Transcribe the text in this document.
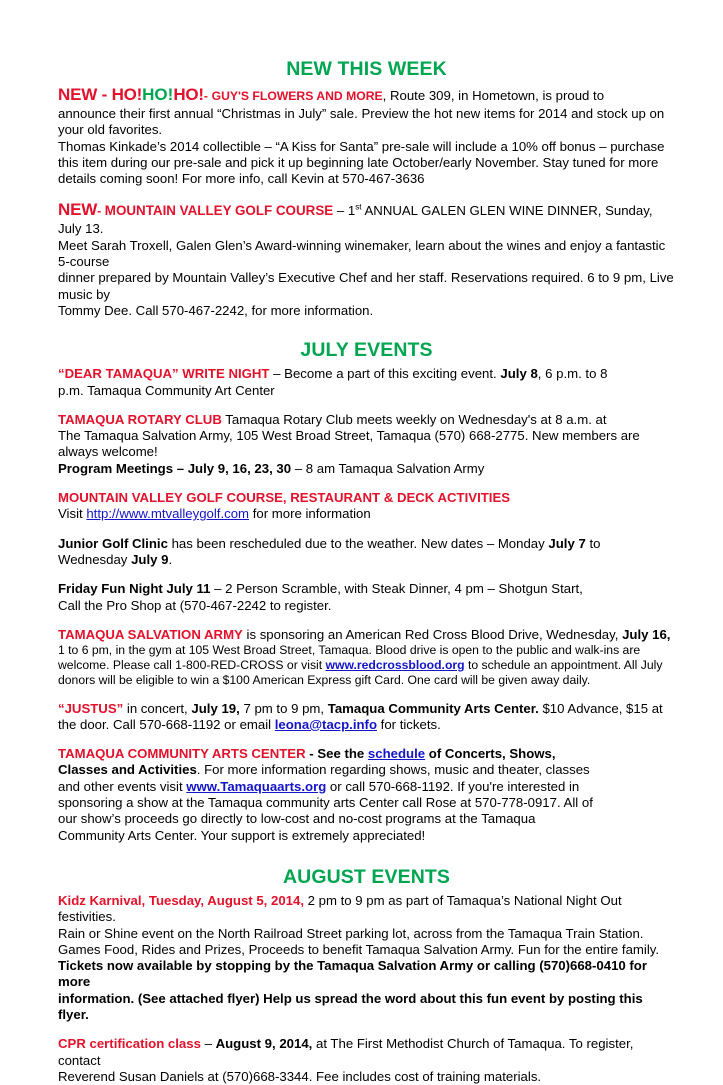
NEW THIS WEEK

NEW - HO!HO!HO!- GUY'S FLOWERS AND MORE, Route 309, in Hometown, is proud to
announce their first annual “Christmas in July” sale. Preview the hot new items for 2014 and stock up on
your old favorites.
Thomas Kinkade’s 2014 collectible – “A Kiss for Santa” pre-sale will include a 10% off bonus – purchase
this item during our pre-sale and pick it up beginning late October/early November. Stay tuned for more
details coming soon! For more info, call Kevin at 570-467-3636

NEW- MOUNTAIN VALLEY GOLF COURSE – 1st ANNUAL GALEN GLEN WINE DINNER, Sunday, July 13.
Meet Sarah Troxell, Galen Glen’s Award-winning winemaker, learn about the wines and enjoy a fantastic 5-course
dinner prepared by Mountain Valley’s Executive Chef and her staff. Reservations required. 6 to 9 pm, Live music by
Tommy Dee. Call 570-467-2242, for more information.

JULY EVENTS

“DEAR TAMAQUA” WRITE NIGHT – Become a part of this exciting event. July 8, 6 p.m. to 8
p.m. Tamaqua Community Art Center

TAMAQUA ROTARY CLUB Tamaqua Rotary Club meets weekly on Wednesday's at 8 a.m. at
The Tamaqua Salvation Army, 105 West Broad Street, Tamaqua (570) 668-2775. New members are
always welcome!
Program Meetings – July 9, 16, 23, 30 – 8 am Tamaqua Salvation Army

MOUNTAIN VALLEY GOLF COURSE, RESTAURANT & DECK ACTIVITIES
Visit http://www.mtvalleygolf.com for more information

Junior Golf Clinic has been rescheduled due to the weather. New dates – Monday July 7 to
Wednesday July 9.

Friday Fun Night July 11 – 2 Person Scramble, with Steak Dinner, 4 pm – Shotgun Start,
Call the Pro Shop at (570-467-2242 to register.

TAMAQUA SALVATION ARMY is sponsoring an American Red Cross Blood Drive, Wednesday, July 16,
1 to 6 pm, in the gym at 105 West Broad Street, Tamaqua. Blood drive is open to the public and walk-ins are
welcome. Please call 1-800-RED-CROSS or visit www.redcrossblood.org to schedule an appointment. All July
donors will be eligible to win a $100 American Express gift Card. One card will be given away daily.

“JUSTUS” in concert, July 19, 7 pm to 9 pm, Tamaqua Community Arts Center. $10 Advance, $15 at
the door. Call 570-668-1192 or email leona@tacp.info for tickets.

TAMAQUA COMMUNITY ARTS CENTER - See the schedule of Concerts, Shows,
Classes and Activities. For more information regarding shows, music and theater, classes
and other events visit www.Tamaquaarts.org or call 570-668-1192. If you're interested in
sponsoring a show at the Tamaqua community arts Center call Rose at 570-778-0917. All of
our show’s proceeds go directly to low-cost and no-cost programs at the Tamaqua
Community Arts Center. Your support is extremely appreciated!

AUGUST EVENTS

Kidz Karnival, Tuesday, August 5, 2014, 2 pm to 9 pm as part of Tamaqua’s National Night Out festivities.
Rain or Shine event on the North Railroad Street parking lot, across from the Tamaqua Train Station.
Games Food, Rides and Prizes, Proceeds to benefit Tamaqua Salvation Army. Fun for the entire family.
Tickets now available by stopping by the Tamaqua Salvation Army or calling (570)668-0410 for more
information. (See attached flyer) Help us spread the word about this fun event by posting this flyer.

CPR certification class – August 9, 2014, at The First Methodist Church of Tamaqua. To register, contact
Reverend Susan Daniels at (570)668-3344. Fee includes cost of training materials.
